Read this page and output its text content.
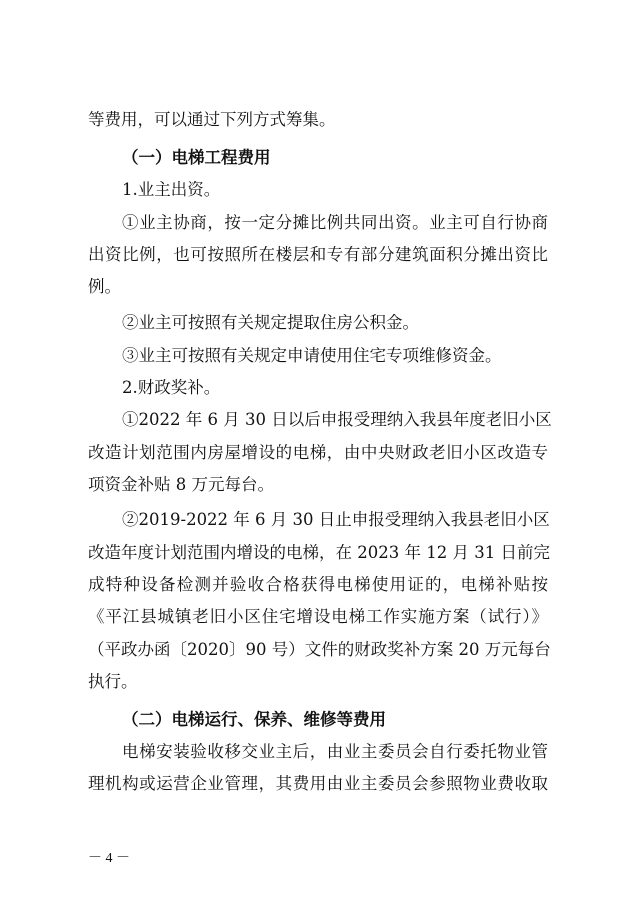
等费用，可以通过下列方式筹集。
（一）电梯工程费用
1.业主出资。
①业主协商，按一定分摊比例共同出资。业主可自行协商
出资比例，也可按照所在楼层和专有部分建筑面积分摊出资比
例。
②业主可按照有关规定提取住房公积金。
③业主可按照有关规定申请使用住宅专项维修资金。
2.财政奖补。
①2022 年 6 月 30 日以后申报受理纳入我县年度老旧小区
改造计划范围内房屋增设的电梯，由中央财政老旧小区改造专
项资金补贴 8 万元每台。
②2019-2022 年 6 月 30 日止申报受理纳入我县老旧小区
改造年度计划范围内增设的电梯，在 2023 年 12 月 31 日前完
成特种设备检测并验收合格获得电梯使用证的，电梯补贴按
《平江县城镇老旧小区住宅增设电梯工作实施方案（试行）》
（平政办函〔2020〕90 号）文件的财政奖补方案 20 万元每台
执行。
（二）电梯运行、保养、维修等费用
电梯安装验收移交业主后，由业主委员会自行委托物业管
理机构或运营企业管理，其费用由业主委员会参照物业费收取
－ 4 －
